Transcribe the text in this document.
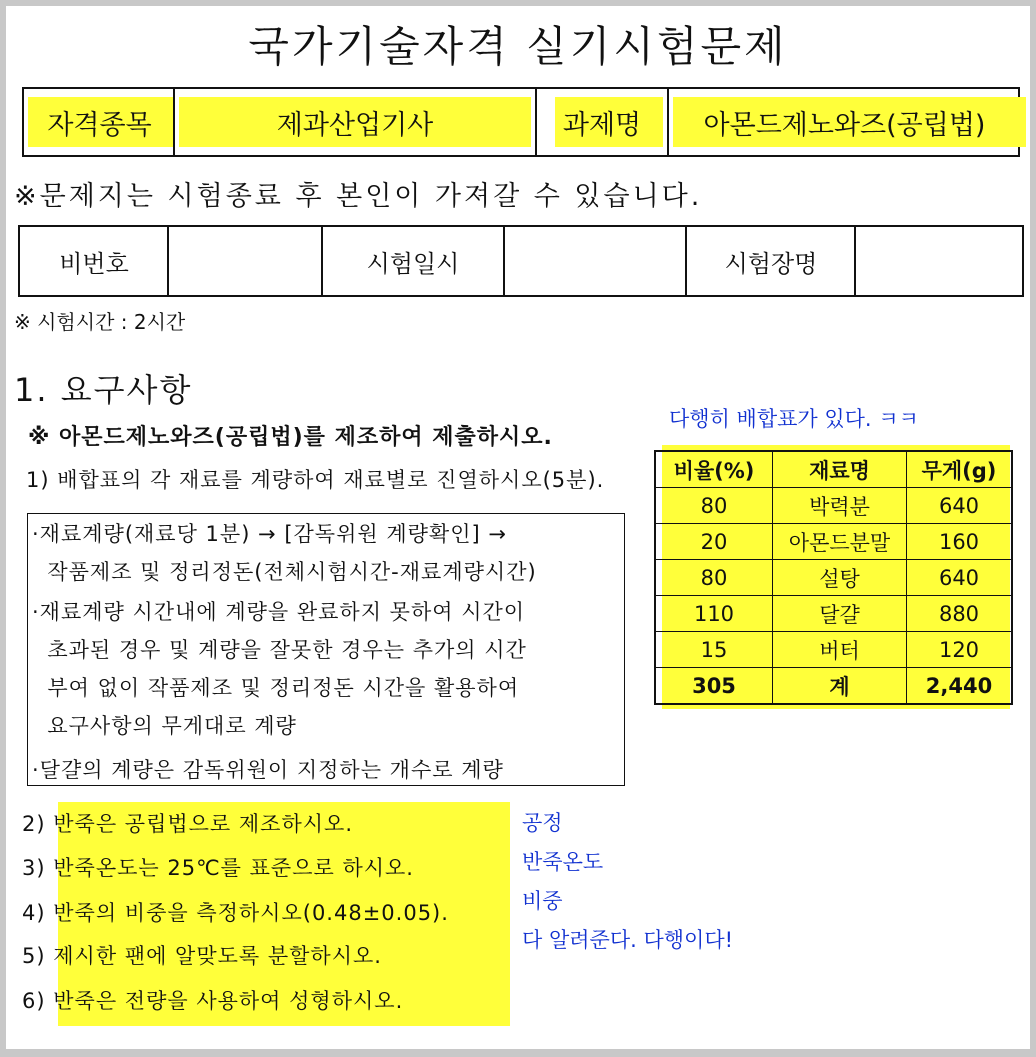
국가기술자격 실기시험문제
자격종목	제과산업기사	과제명 아몬드제노와즈(공립법)
※문제지는 시험종료 후 본인이 가져갈 수 있습니다.
비번호	시험일시	시험장명
※ 시험시간 : 2시간
1. 요구사항
※ 아몬드제노와즈(공립법)를 제조하여 제출하시오.
1) 배합표의 각 재료를 계량하여 재료별로 진열하시오(5분).

·재료계량(재료당 1분) → [감독위원 계량확인] →

작품제조 및 정리정돈(전체시험시간-재료계량시간)

·재료계량 시간내에 계량을 완료하지 못하여 시간이

초과된 경우 및 계량을 잘못한 경우는 추가의 시간

부여 없이 작품제조 및 정리정돈 시간을 활용하여

요구사항의 무게대로 계량

·달걀의 계량은 감독위원이 지정하는 개수로 계량

2) 반죽은 공립법으로 제조하시오.
3) 반죽온도는 25℃를 표준으로 하시오.
4) 반죽의 비중을 측정하시오(0.48±0.05).
5) 제시한 팬에 알맞도록 분할하시오.
6) 반죽은 전량을 사용하여 성형하시오.
다행히 배합표가 있다. ㅋㅋ
공정
반죽온도
비중
다 알려준다. 다행이다!
비율(%)	재료명	무게(g)
80	박력분	640
20	아몬드분말	160
80	설탕	640
110	달걀	880
15	버터	120
305	계	2,440
